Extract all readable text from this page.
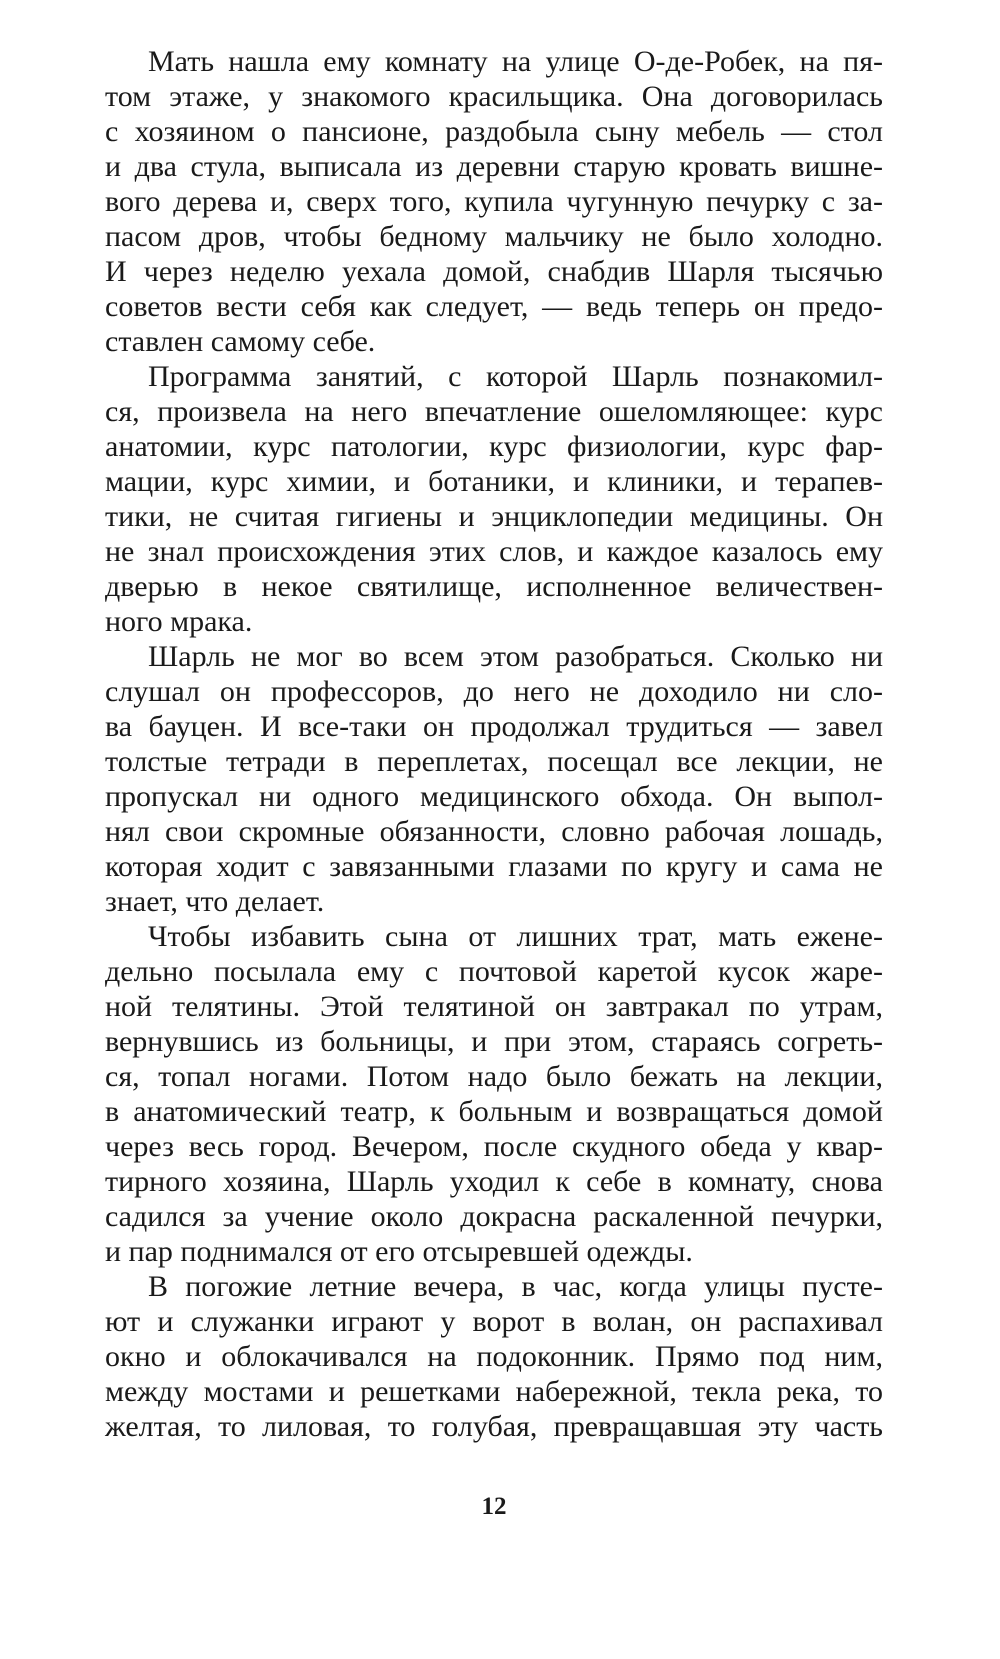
Мать нашла ему комнату на улице О-де-Робек, на пя-
том этаже, у знакомого красильщика. Она договорилась
с хозяином о пансионе, раздобыла сыну мебель — стол
и два стула, выписала из деревни старую кровать вишне-
вого дерева и, сверх того, купила чугунную печурку с за-
пасом дров, чтобы бедному мальчику не было холодно.
И через неделю уехала домой, снабдив Шарля тысячью
советов вести себя как следует, — ведь теперь он предо-
ставлен самому себе.
Программа занятий, с которой Шарль познакомил-
ся, произвела на него впечатление ошеломляющее: курс
анатомии, курс патологии, курс физиологии, курс фар-
мации, курс химии, и ботаники, и клиники, и терапев-
тики, не считая гигиены и энциклопедии медицины. Он
не знал происхождения этих слов, и каждое казалось ему
дверью в некое святилище, исполненное величествен-
ного мрака.
Шарль не мог во всем этом разобраться. Сколько ни
слушал он профессоров, до него не доходило ни сло-
ва бауцен. И все-таки он продолжал трудиться — завел
толстые тетради в переплетах, посещал все лекции, не
пропускал ни одного медицинского обхода. Он выпол-
нял свои скромные обязанности, словно рабочая лошадь,
которая ходит с завязанными глазами по кругу и сама не
знает, что делает.
Чтобы избавить сына от лишних трат, мать еженe-
дельно посылала ему с почтовой каретой кусок жаре-
ной телятины. Этой телятиной он завтракал по утрам,
вернувшись из больницы, и при этом, стараясь согреть-
ся, топал ногами. Потом надо было бежать на лекции,
в анатомический театр, к больным и возвращаться домой
через весь город. Вечером, после скудного обеда у квар-
тирного хозяина, Шарль уходил к себе в комнату, снова
садился за учение около докрасна раскаленной печурки,
и пар поднимался от его отсыревшей одежды.
В погожие летние вечера, в час, когда улицы пусте-
ют и служанки играют у ворот в волан, он распахивал
окно и облокачивался на подоконник. Прямо под ним,
между мостами и решетками набережной, текла река, то
желтая, то лиловая, то голубая, превращавшая эту часть
12
